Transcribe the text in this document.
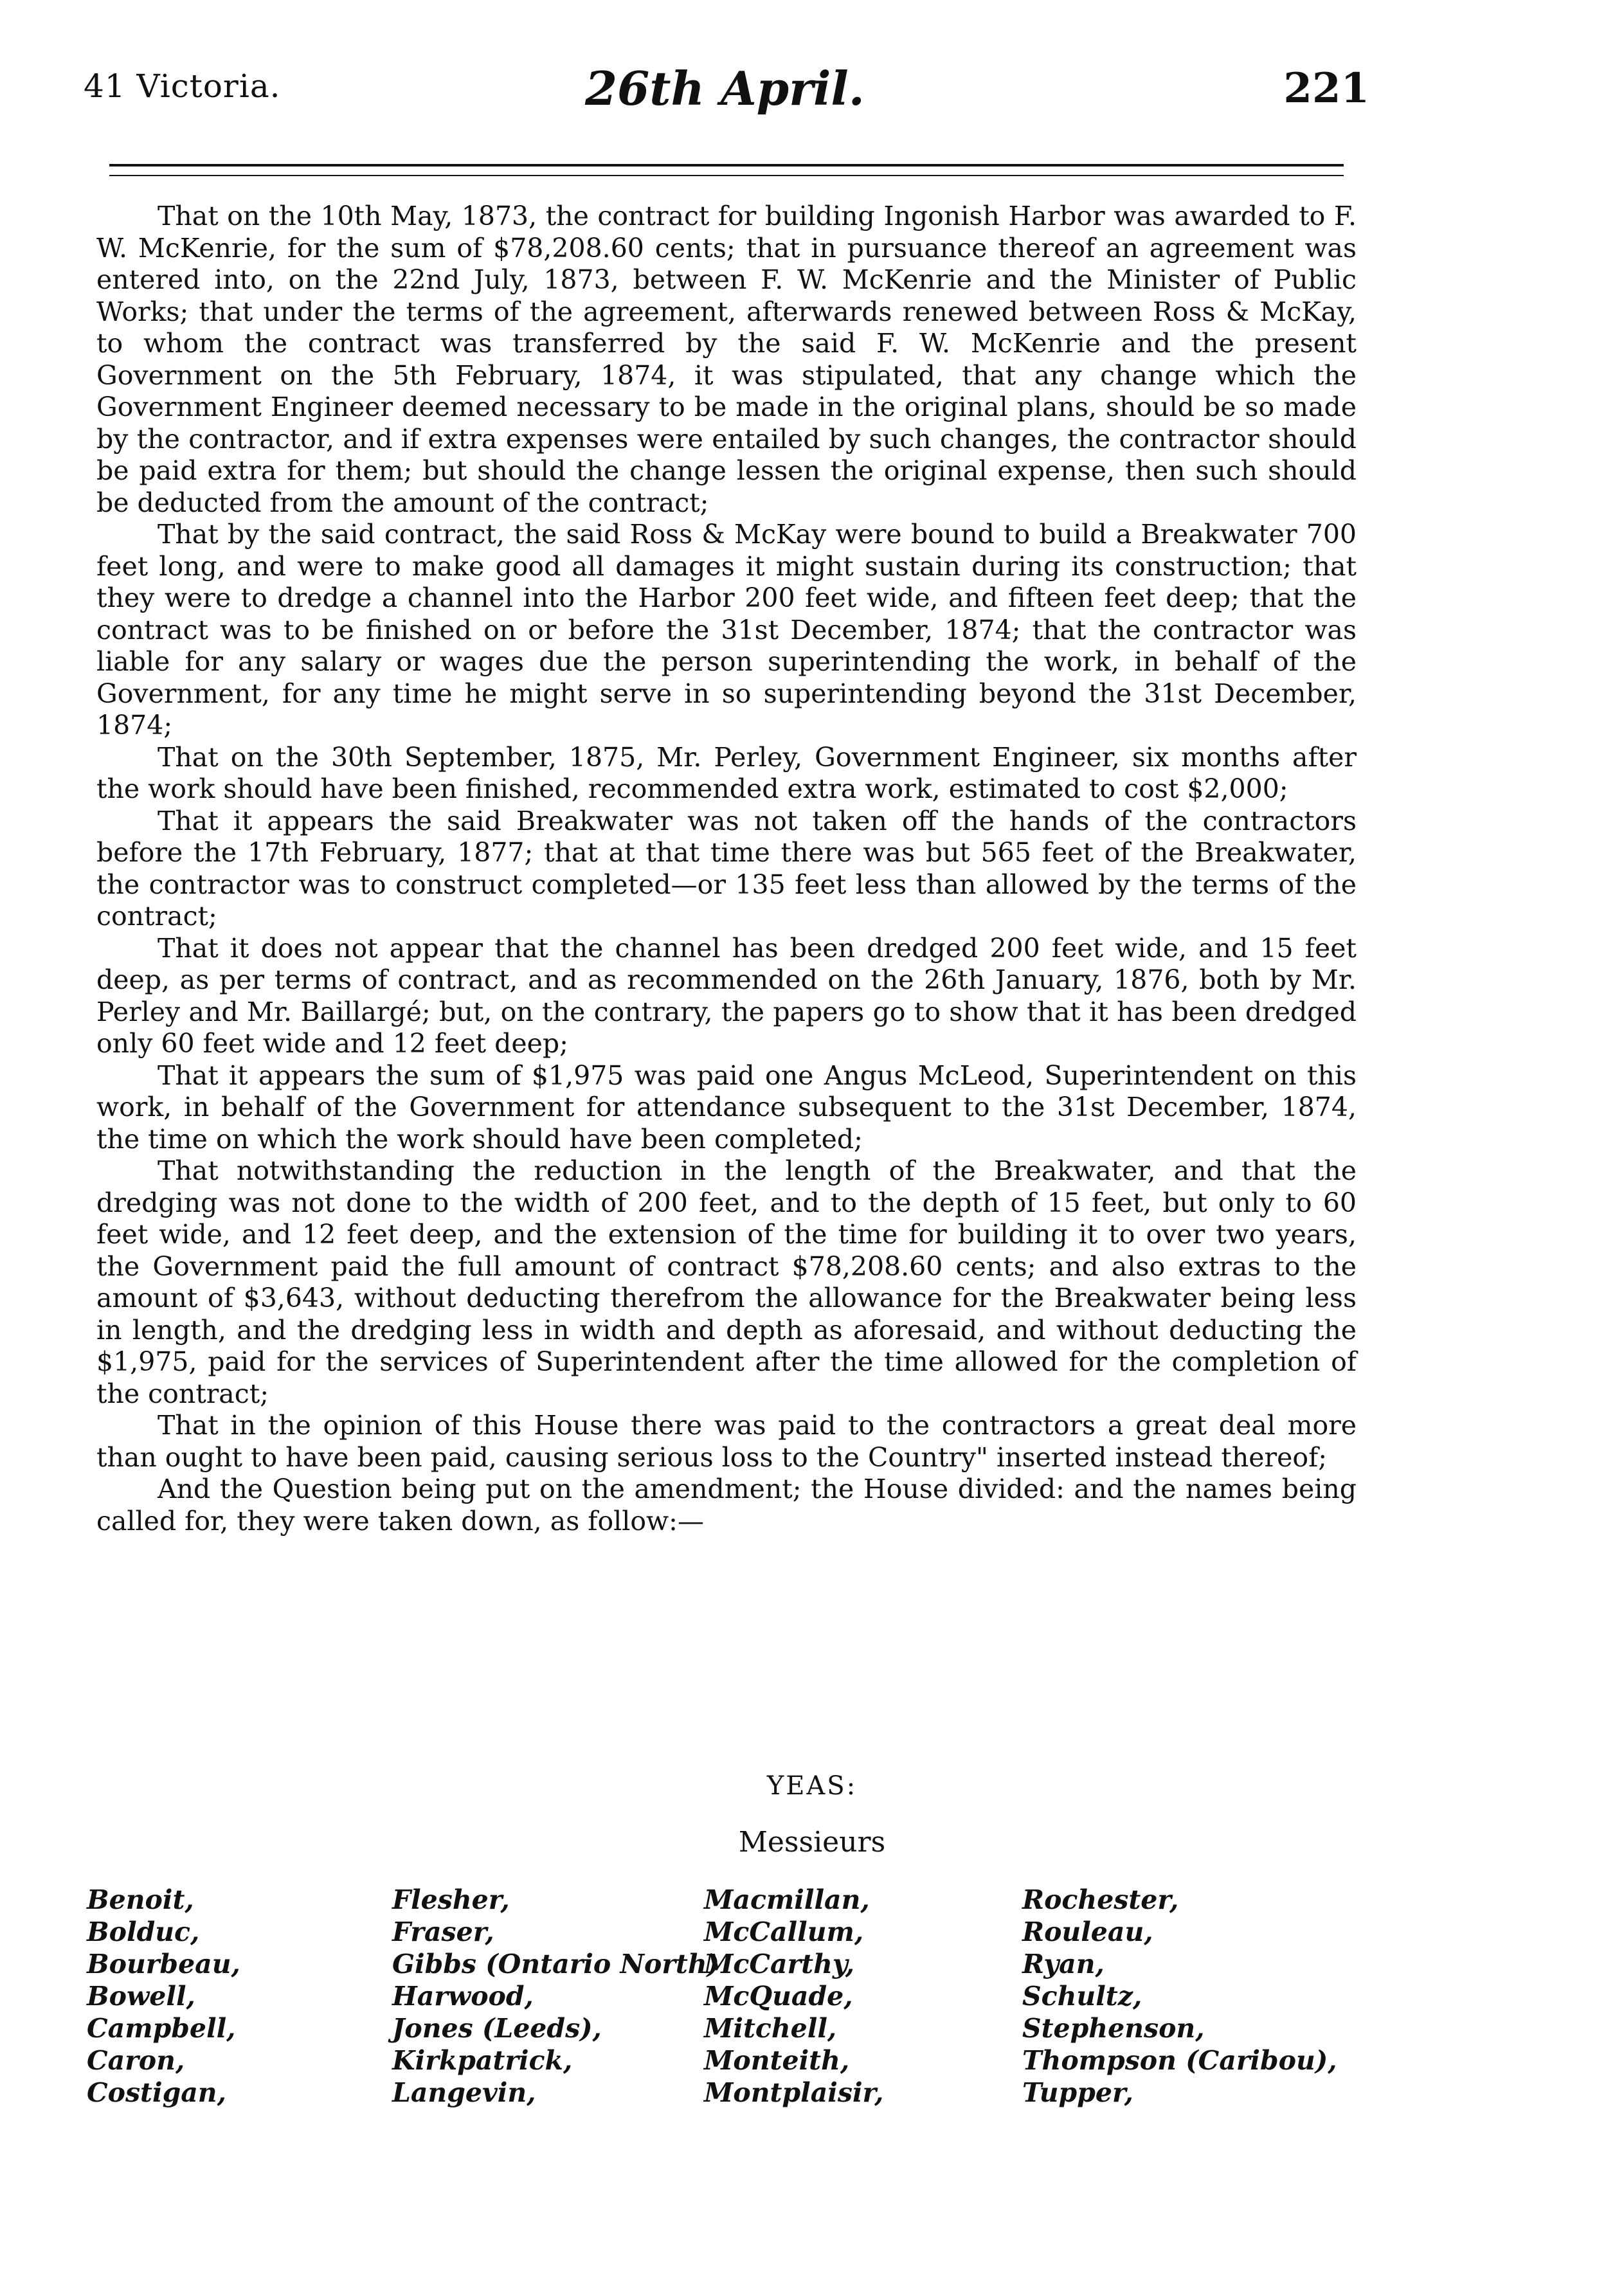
41 Victoria.	26th April.	221

That on the 10th May, 1873, the contract for building Ingonish Harbor was awarded to F. W. McKenrie, for the sum of $78,208.60 cents; that in pursuance thereof an agreement was entered into, on the 22nd July, 1873, between F. W. McKenrie and the Minister of Public Works; that under the terms of the agreement, afterwards renewed between Ross & McKay, to whom the contract was transferred by the said F. W. McKenrie and the present Government on the 5th February, 1874, it was stipulated, that any change which the Government Engineer deemed necessary to be made in the original plans, should be so made by the contractor, and if extra expenses were entailed by such changes, the contractor should be paid extra for them; but should the change lessen the original expense, then such should be deducted from the amount of the contract;

That by the said contract, the said Ross & McKay were bound to build a Breakwater 700 feet long, and were to make good all damages it might sustain during its construction; that they were to dredge a channel into the Harbor 200 feet wide, and fifteen feet deep; that the contract was to be finished on or before the 31st December, 1874; that the contractor was liable for any salary or wages due the person superintending the work, in behalf of the Government, for any time he might serve in so superintending beyond the 31st December, 1874;

That on the 30th September, 1875, Mr. Perley, Government Engineer, six months after the work should have been finished, recommended extra work, estimated to cost $2,000;

That it appears the said Breakwater was not taken off the hands of the contractors before the 17th February, 1877; that at that time there was but 565 feet of the Breakwater, the contractor was to construct completed—or 135 feet less than allowed by the terms of the contract;

That it does not appear that the channel has been dredged 200 feet wide, and 15 feet deep, as per terms of contract, and as recommended on the 26th January, 1876, both by Mr. Perley and Mr. Baillargé; but, on the contrary, the papers go to show that it has been dredged only 60 feet wide and 12 feet deep;

That it appears the sum of $1,975 was paid one Angus McLeod, Superintendent on this work, in behalf of the Government for attendance subsequent to the 31st December, 1874, the time on which the work should have been completed;

That notwithstanding the reduction in the length of the Breakwater, and that the dredging was not done to the width of 200 feet, and to the depth of 15 feet, but only to 60 feet wide, and 12 feet deep, and the extension of the time for building it to over two years, the Government paid the full amount of contract $78,208.60 cents; and also extras to the amount of $3,643, without deducting therefrom the allowance for the Breakwater being less in length, and the dredging less in width and depth as aforesaid, and without deducting the $1,975, paid for the services of Superintendent after the time allowed for the completion of the contract;

That in the opinion of this House there was paid to the contractors a great deal more than ought to have been paid, causing serious loss to the Country" inserted instead thereof;

And the Question being put on the amendment; the House divided: and the names being called for, they were taken down, as follow:—

YEAS:
Messieurs
Benoit,
Bolduc,
Bourbeau,
Bowell,
Campbell,
Caron,
Costigan,
Flesher,
Fraser,
Gibbs (Ontario North)
Harwood,
Jones (Leeds),
Kirkpatrick,
Langevin,
Macmillan,
McCallum,
McCarthy,
McQuade,
Mitchell,
Monteith,
Montplaisir,
Rochester,
Rouleau,
Ryan,
Schultz,
Stephenson,
Thompson (Caribou),
Tupper,
